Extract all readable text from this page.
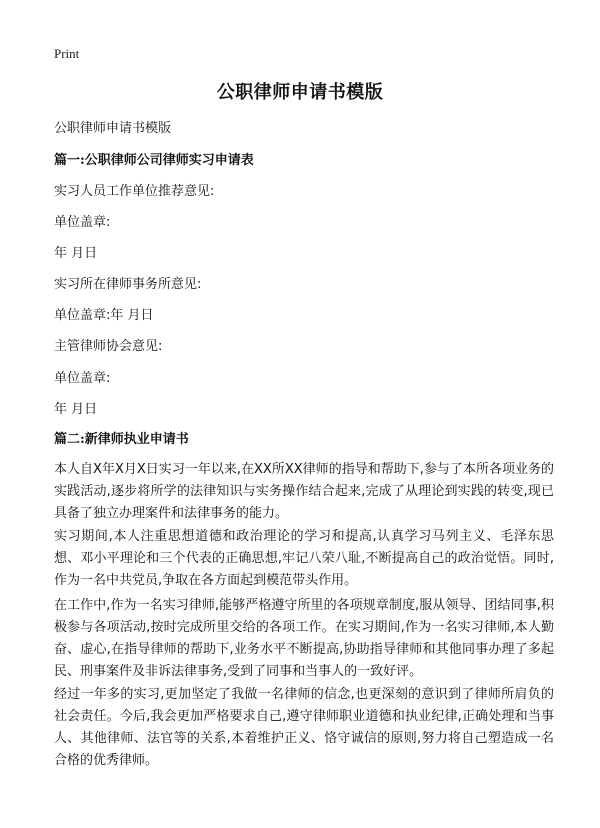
Print
公职律师申请书模版
公职律师申请书模版
篇一:公职律师公司律师实习申请表
实习人员工作单位推荐意见:
单位盖章:
年 月日
实习所在律师事务所意见:
单位盖章:年 月日
主管律师协会意见:
单位盖章:
年 月日
篇二:新律师执业申请书
本人自X年X月X日实习一年以来,在XX所XX律师的指导和帮助下,参与了本所各项业务的实践活动,逐步将所学的法律知识与实务操作结合起来,完成了从理论到实践的转变,现已具备了独立办理案件和法律事务的能力。
实习期间,本人注重思想道德和政治理论的学习和提高,认真学习马列主义、毛泽东思想、邓小平理论和三个代表的正确思想,牢记八荣八耻,不断提高自己的政治觉悟。同时,作为一名中共党员,争取在各方面起到模范带头作用。
在工作中,作为一名实习律师,能够严格遵守所里的各项规章制度,服从领导、团结同事,积极参与各项活动,按时完成所里交给的各项工作。在实习期间,作为一名实习律师,本人勤奋、虚心,在指导律师的帮助下,业务水平不断提高,协助指导律师和其他同事办理了多起民、刑事案件及非诉法律事务,受到了同事和当事人的一致好评。
经过一年多的实习,更加坚定了我做一名律师的信念,也更深刻的意识到了律师所肩负的社会责任。今后,我会更加严格要求自己,遵守律师职业道德和执业纪律,正确处理和当事人、其他律师、法官等的关系,本着维护正义、恪守诚信的原则,努力将自己塑造成一名合格的优秀律师。
